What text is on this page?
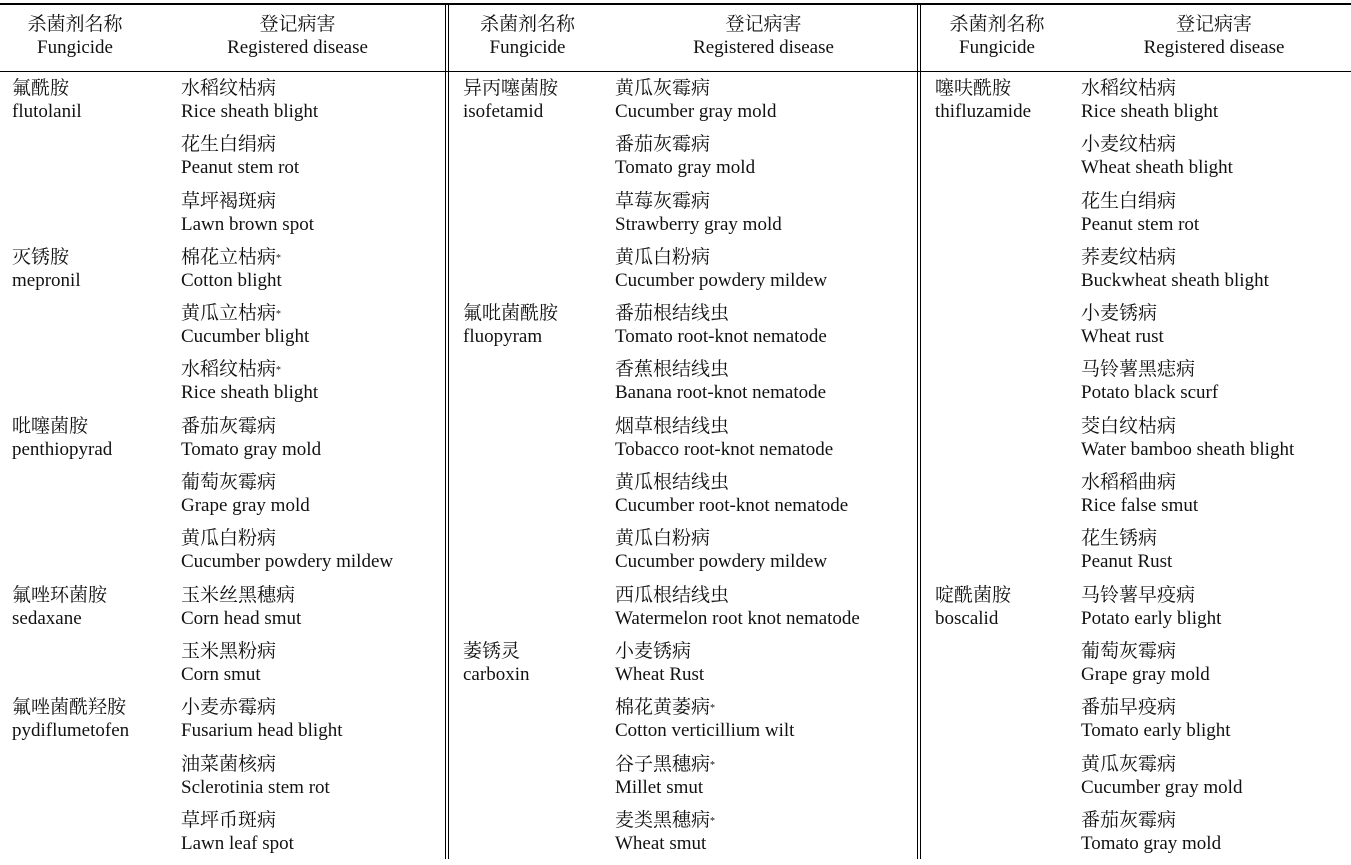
杀菌剂名称
Fungicide
登记病害
Registered disease
氟酰胺
flutolanil
水稻纹枯病
Rice sheath blight
花生白绢病
Peanut stem rot
草坪褐斑病
Lawn brown spot
灭锈胺
mepronil
棉花立枯病*
Cotton blight
黄瓜立枯病*
Cucumber blight
水稻纹枯病*
Rice sheath blight
吡噻菌胺
penthiopyrad
番茄灰霉病
Tomato gray mold
葡萄灰霉病
Grape gray mold
黄瓜白粉病
Cucumber powdery mildew
氟唑环菌胺
sedaxane
玉米丝黑穗病
Corn head smut
玉米黑粉病
Corn smut
氟唑菌酰羟胺
pydiflumetofen
小麦赤霉病
Fusarium head blight
油菜菌核病
Sclerotinia stem rot
草坪币斑病
Lawn leaf spot
杀菌剂名称
Fungicide
登记病害
Registered disease
异丙噻菌胺
isofetamid
黄瓜灰霉病
Cucumber gray mold
番茄灰霉病
Tomato gray mold
草莓灰霉病
Strawberry gray mold
黄瓜白粉病
Cucumber powdery mildew
氟吡菌酰胺
fluopyram
番茄根结线虫
Tomato root-knot nematode
香蕉根结线虫
Banana root-knot nematode
烟草根结线虫
Tobacco root-knot nematode
黄瓜根结线虫
Cucumber root-knot nematode
黄瓜白粉病
Cucumber powdery mildew
西瓜根结线虫
Watermelon root knot nematode
萎锈灵
carboxin
小麦锈病
Wheat Rust
棉花黄萎病*
Cotton verticillium wilt
谷子黑穗病*
Millet smut
麦类黑穗病*
Wheat smut
杀菌剂名称
Fungicide
登记病害
Registered disease
噻呋酰胺
thifluzamide
水稻纹枯病
Rice sheath blight
小麦纹枯病
Wheat sheath blight
花生白绢病
Peanut stem rot
荞麦纹枯病
Buckwheat sheath blight
小麦锈病
Wheat rust
马铃薯黑痣病
Potato black scurf
茭白纹枯病
Water bamboo sheath blight
水稻稻曲病
Rice false smut
花生锈病
Peanut Rust
啶酰菌胺
boscalid
马铃薯早疫病
Potato early blight
葡萄灰霉病
Grape gray mold
番茄早疫病
Tomato early blight
黄瓜灰霉病
Cucumber gray mold
番茄灰霉病
Tomato gray mold
